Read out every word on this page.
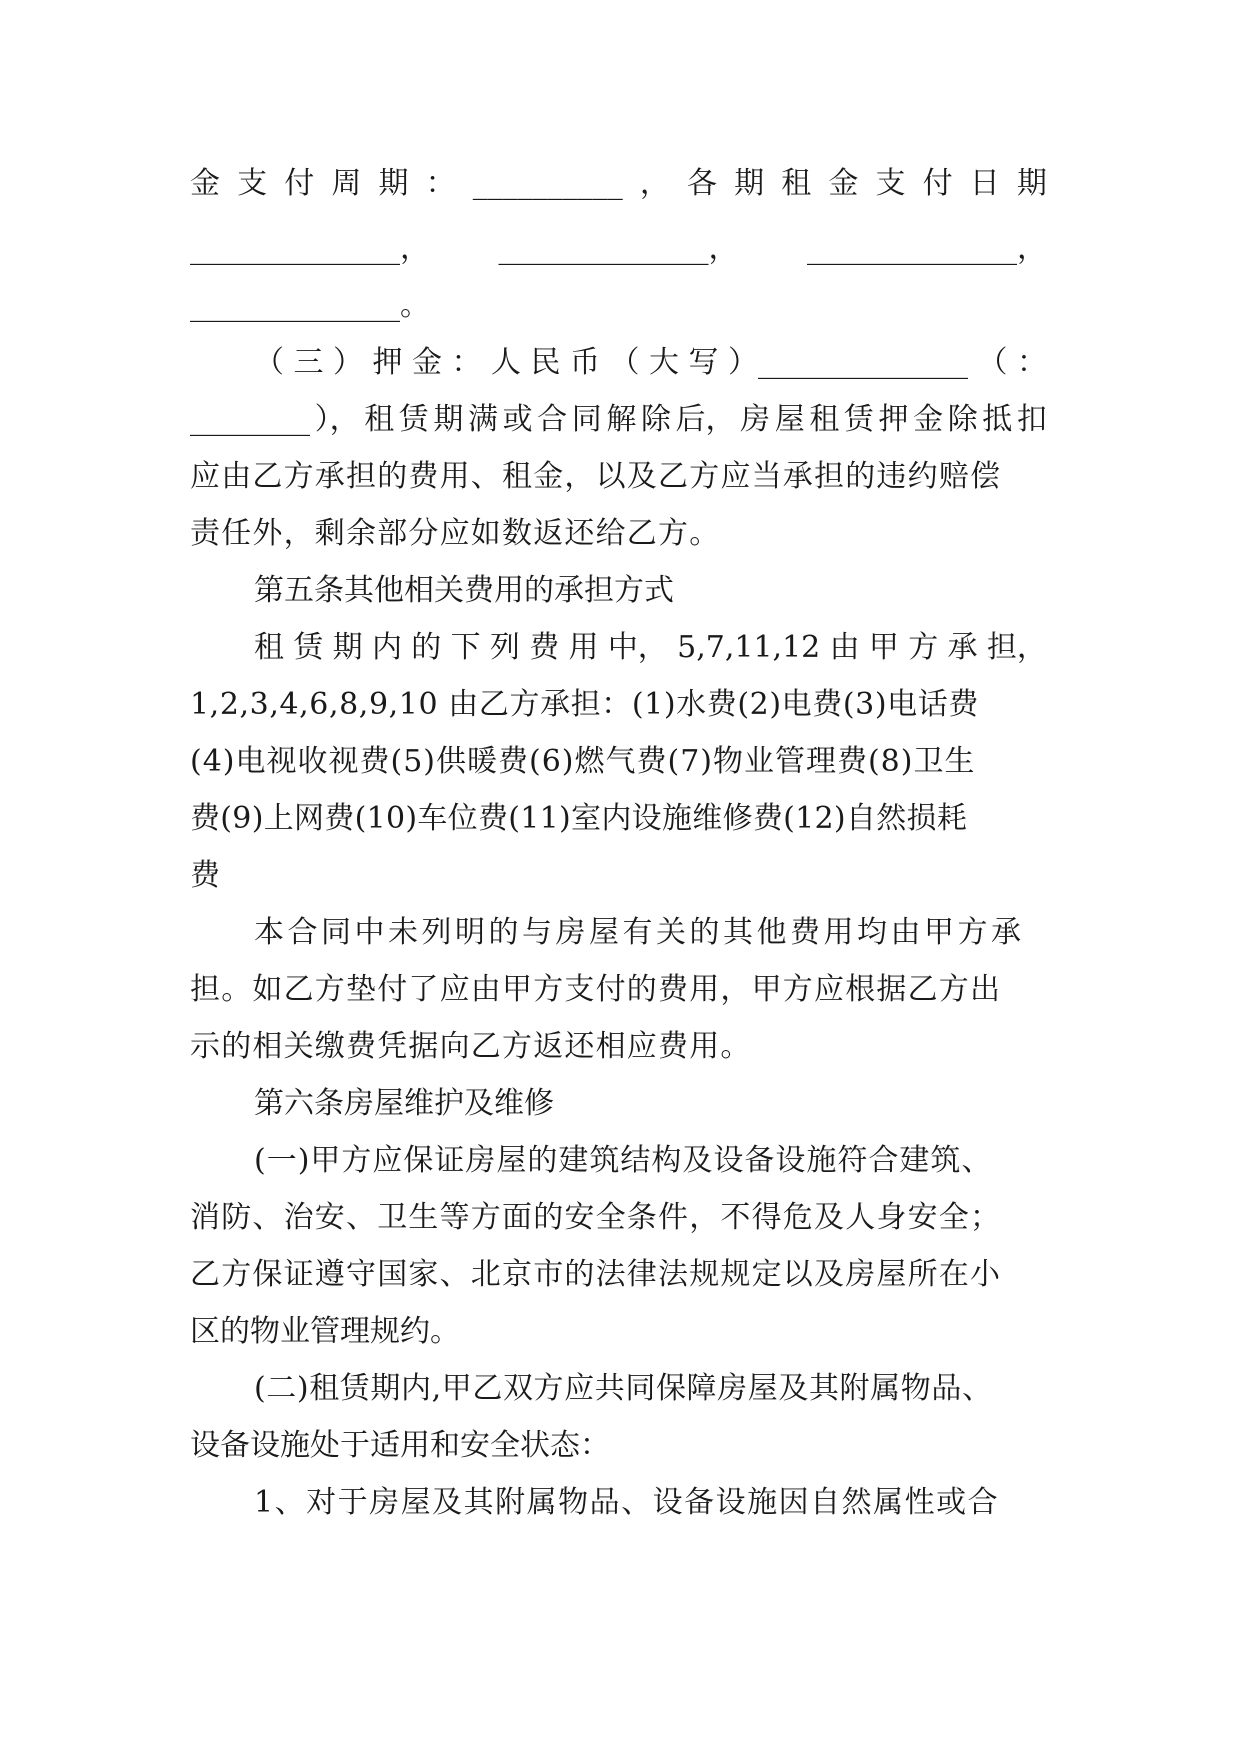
金 支 付 周 期 ： __________ ， 各 期 租 金 支 付 日 期
______________， ______________， ______________，
______________。
（ 三 ） 押 金 ： 人 民 币 （ 大 写 ）______________ （ ：
________ ）， 租 赁 期 满 或 合 同 解 除 后， 房 屋 租 赁 押 金 除 抵 扣
应由乙方承担的费用、租金，以及乙方应当承担的违约赔偿
责任外，剩余部分应如数返还给乙方。
第五条其他相关费用的承担方式
租 赁 期 内 的 下 列 费 用 中， 5,7,11,12 由 甲 方 承 担，
1,2,3,4,6,8,9,10 由乙方承担：(1)水费(2)电费(3)电话费
(4)电视收视费(5)供暖费(6)燃气费(7)物业管理费(8)卫生
费(9)上网费(10)车位费(11)室内设施维修费(12)自然损耗
费
本合同中未列明的与房屋有关的其他费用均由甲方承
担。如乙方垫付了应由甲方支付的费用，甲方应根据乙方出
示的相关缴费凭据向乙方返还相应费用。
第六条房屋维护及维修
(一)甲方应保证房屋的建筑结构及设备设施符合建筑、
消防、治安、卫生等方面的安全条件，不得危及人身安全；
乙方保证遵守国家、北京市的法律法规规定以及房屋所在小
区的物业管理规约。
(二)租赁期内,甲乙双方应共同保障房屋及其附属物品、
设备设施处于适用和安全状态：
1、对于房屋及其附属物品、设备设施因自然属性或合
